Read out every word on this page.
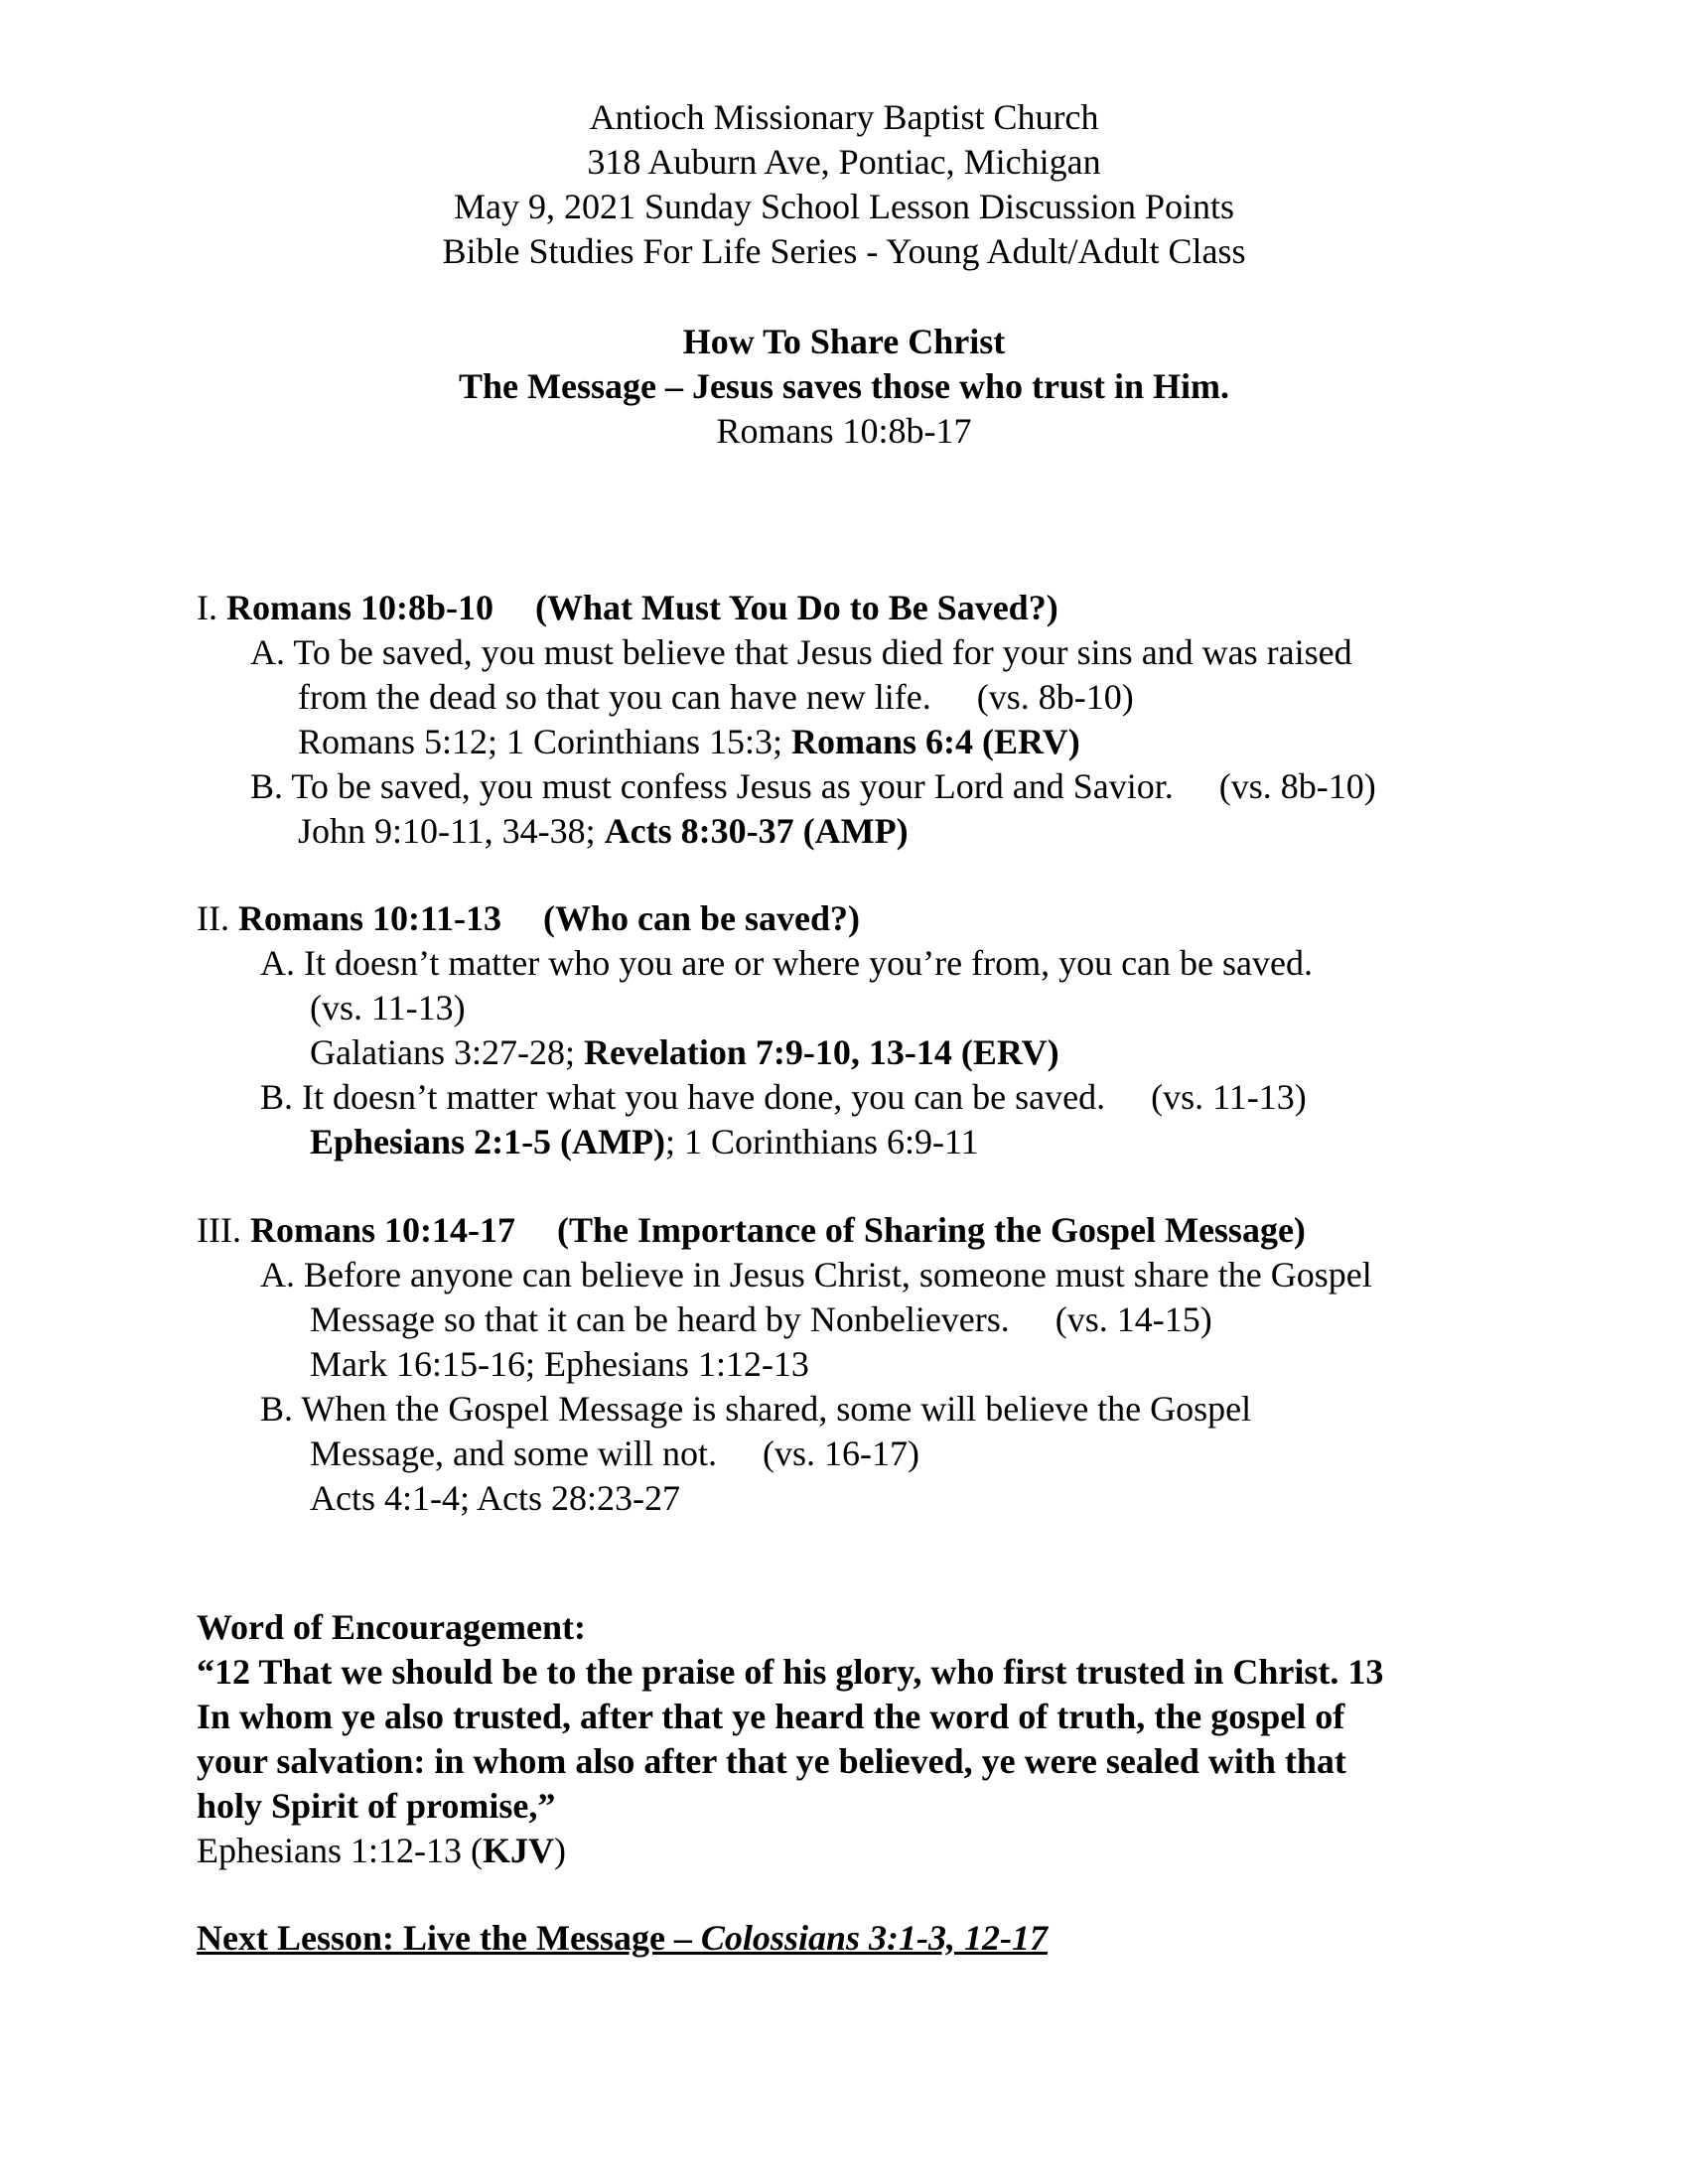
Antioch Missionary Baptist Church
318 Auburn Ave, Pontiac, Michigan
May 9, 2021 Sunday School Lesson Discussion Points
Bible Studies For Life Series - Young Adult/Adult Class
How To Share Christ
The Message – Jesus saves those who trust in Him.
Romans 10:8b-17
I. Romans 10:8b-10 (What Must You Do to Be Saved?)
A. To be saved, you must believe that Jesus died for your sins and was raised
from the dead so that you can have new life. (vs. 8b-10)
Romans 5:12; 1 Corinthians 15:3; Romans 6:4 (ERV)
B. To be saved, you must confess Jesus as your Lord and Savior. (vs. 8b-10)
John 9:10-11, 34-38; Acts 8:30-37 (AMP)
II. Romans 10:11-13 (Who can be saved?)
A. It doesn’t matter who you are or where you’re from, you can be saved.
(vs. 11-13)
Galatians 3:27-28; Revelation 7:9-10, 13-14 (ERV)
B. It doesn’t matter what you have done, you can be saved. (vs. 11-13)
Ephesians 2:1-5 (AMP); 1 Corinthians 6:9-11
III. Romans 10:14-17 (The Importance of Sharing the Gospel Message)
A. Before anyone can believe in Jesus Christ, someone must share the Gospel
Message so that it can be heard by Nonbelievers. (vs. 14-15)
Mark 16:15-16; Ephesians 1:12-13
B. When the Gospel Message is shared, some will believe the Gospel
Message, and some will not. (vs. 16-17)
Acts 4:1-4; Acts 28:23-27
Word of Encouragement:
“12 That we should be to the praise of his glory, who first trusted in Christ. 13
In whom ye also trusted, after that ye heard the word of truth, the gospel of
your salvation: in whom also after that ye believed, ye were sealed with that
holy Spirit of promise,”
Ephesians 1:12-13 (KJV)
Next Lesson: Live the Message – Colossians 3:1-3, 12-17
